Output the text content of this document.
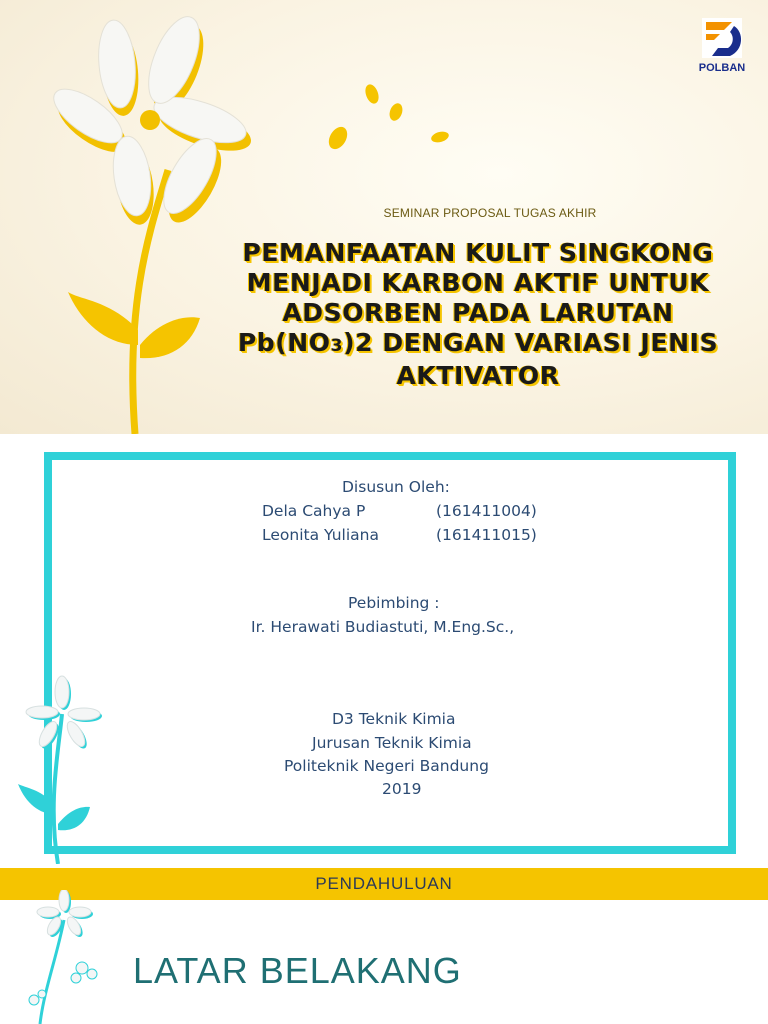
POLBAN
SEMINAR PROPOSAL TUGAS AKHIR
PEMANFAATAN KULIT SINGKONG
MENJADI KARBON AKTIF UNTUK
ADSORBEN PADA LARUTAN
Pb(NO3)2 DENGAN VARIASI JENIS
AKTIVATOR
Disusun Oleh:
Dela Cahya P	(161411004)
Leonita Yuliana	(161411015)
Pebimbing :
Ir. Herawati Budiastuti, M.Eng.Sc.,
D3 Teknik Kimia
Jurusan Teknik Kimia
Politeknik Negeri Bandung
2019
PENDAHULUAN
LATAR BELAKANG
